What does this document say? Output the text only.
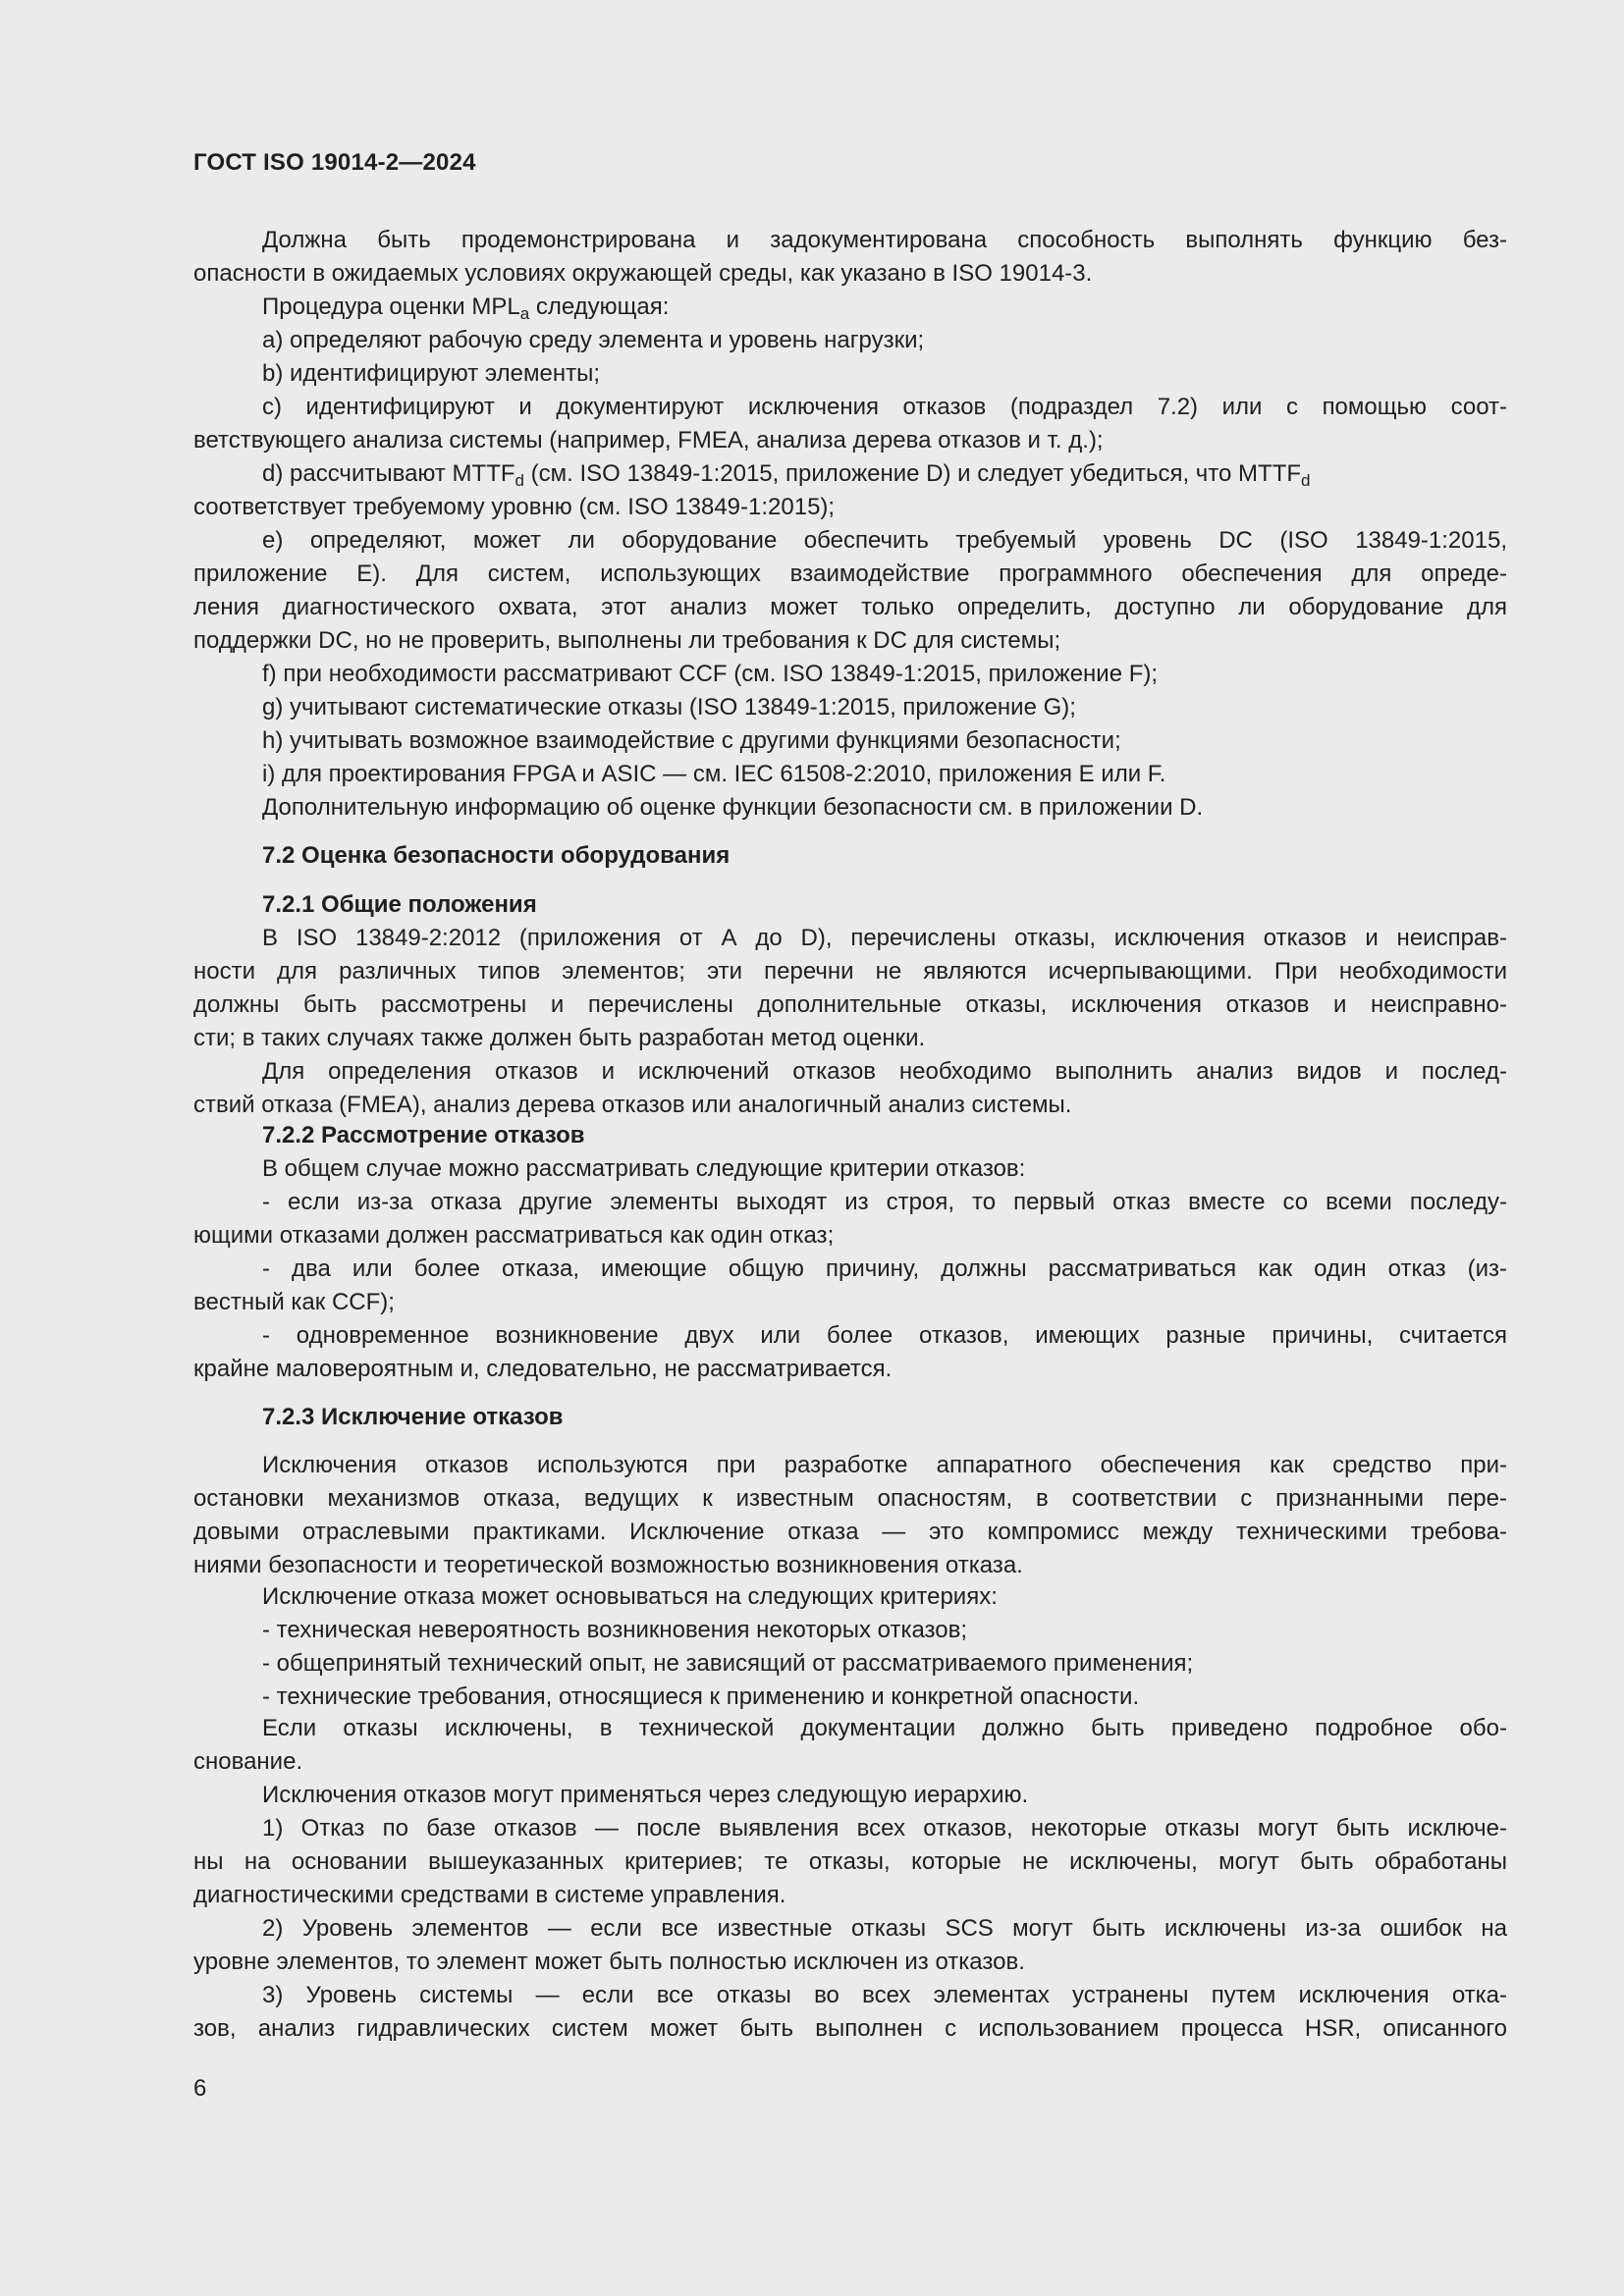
ГОСТ ISO 19014-2—2024
Должна быть продемонстрирована и задокументирована способность выполнять функцию без-
опасности в ожидаемых условиях окружающей среды, как указано в ISO 19014-3.
Процедура оценки $MPL_a$ следующая:
a) определяют рабочую среду элемента и уровень нагрузки;
b) идентифицируют элементы;
c) идентифицируют и документируют исключения отказов (подраздел 7.2) или с помощью соот-
ветствующего анализа системы (например, FMEA, анализа дерева отказов и т. д.);
d) рассчитывают $MTTF_d$ (см. ISO 13849-1:2015, приложение D) и следует убедиться, что $MTTF_d$
соответствует требуемому уровню (см. ISO 13849-1:2015);
e) определяют, может ли оборудование обеспечить требуемый уровень DC (ISO 13849-1:2015,
приложение E). Для систем, использующих взаимодействие программного обеспечения для опреде-
ления диагностического охвата, этот анализ может только определить, доступно ли оборудование для
поддержки DC, но не проверить, выполнены ли требования к DC для системы;
f) при необходимости рассматривают CCF (см. ISO 13849-1:2015, приложение F);
g) учитывают систематические отказы (ISO 13849-1:2015, приложение G);
h) учитывать возможное взаимодействие с другими функциями безопасности;
i) для проектирования FPGA и ASIC — см. IEC 61508-2:2010, приложения E или F.
Дополнительную информацию об оценке функции безопасности см. в приложении D.
7.2 Оценка безопасности оборудования
7.2.1 Общие положения
В ISO 13849-2:2012 (приложения от А до D), перечислены отказы, исключения отказов и неиспрaв-
ности для различных типов элементов; эти перечни не являются исчерпывающими. При необходимости
должны быть рассмотрены и перечислены дополнительные отказы, исключения отказов и неисправно-
сти; в таких случаях также должен быть разработан метод оценки.
Для определения отказов и исключений отказов необходимо выполнить анализ видов и послед-
ствий отказа (FMEA), анализ дерева отказов или аналогичный анализ системы.
7.2.2 Рассмотрение отказов
В общем случае можно рассматривать следующие критерии отказов:
- если из-за отказа другие элементы выходят из строя, то первый отказ вместе со всеми последу-
ющими отказами должен рассматриваться как один отказ;
- два или более отказа, имеющие общую причину, должны рассматриваться как один отказ (из-
вестный как CCF);
- одновременное возникновение двух или более отказов, имеющих разные причины, считается
крайне маловероятным и, следовательно, не рассматривается.
7.2.3 Исключение отказов
Исключения отказов используются при разработке аппаратного обеспечения как средство при-
остановки механизмов отказа, ведущих к известным опасностям, в соответствии с признанными пере-
довыми отраслевыми практиками. Исключение отказа — это компромисс между техническими требова-
ниями безопасности и теоретической возможностью возникновения отказа.
Исключение отказа может основываться на следующих критериях:
- техническая невероятность возникновения некоторых отказов;
- общепринятый технический опыт, не зависящий от рассматриваемого применения;
- технические требования, относящиеся к применению и конкретной опасности.
Если отказы исключены, в технической документации должно быть приведено подробное обо-
снование.
Исключения отказов могут применяться через следующую иерархию.
1) Отказ по базе отказов — после выявления всех отказов, некоторые отказы могут быть исключе-
ны на основании вышеуказанных критериев; те отказы, которые не исключены, могут быть обработаны
диагностическими средствами в системе управления.
2) Уровень элементов — если все известные отказы SCS могут быть исключены из-за ошибок на
уровне элементов, то элемент может быть полностью исключен из отказов.
3) Уровень системы — если все отказы во всех элементах устранены путем исключения отка-
зов, анализ гидравлических систем может быть выполнен с использованием процесса HSR, описанного
6
